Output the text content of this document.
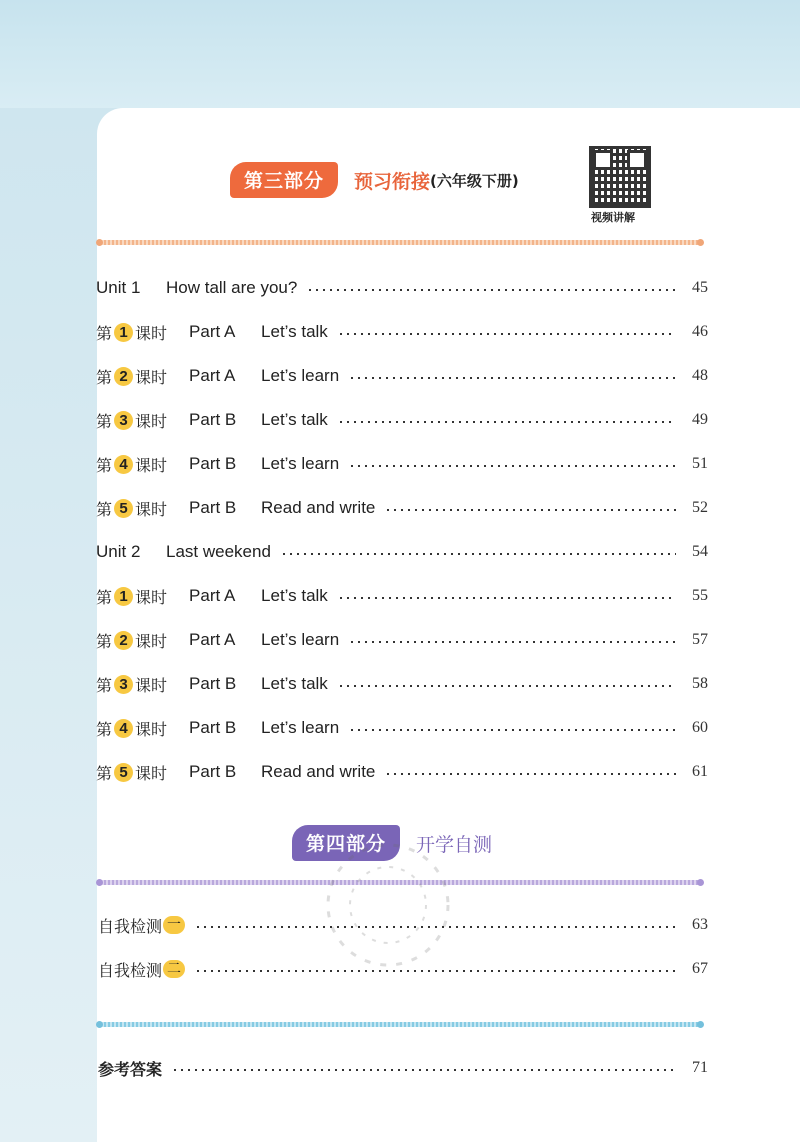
第三部分	预习衔接 (六年级下册)
视频讲解
Unit 1	How tall are you?	45
第 1 课时 Part A	Let’s talk	46
第 2 课时 Part A	Let’s learn	48
第 3 课时 Part B	Let’s talk	49
第 4 课时 Part B	Let’s learn	51
第 5 课时 Part B	Read and write	52
Unit 2	Last weekend	54
第 1 课时 Part A	Let’s talk	55
第 2 课时 Part A	Let’s learn	57
第 3 课时 Part B	Let’s talk	58
第 4 课时 Part B	Let’s learn	60
第 5 课时 Part B	Read and write	61
第四部分	开学自测
自我检测 一	63
自我检测 二	67
参考答案	71
